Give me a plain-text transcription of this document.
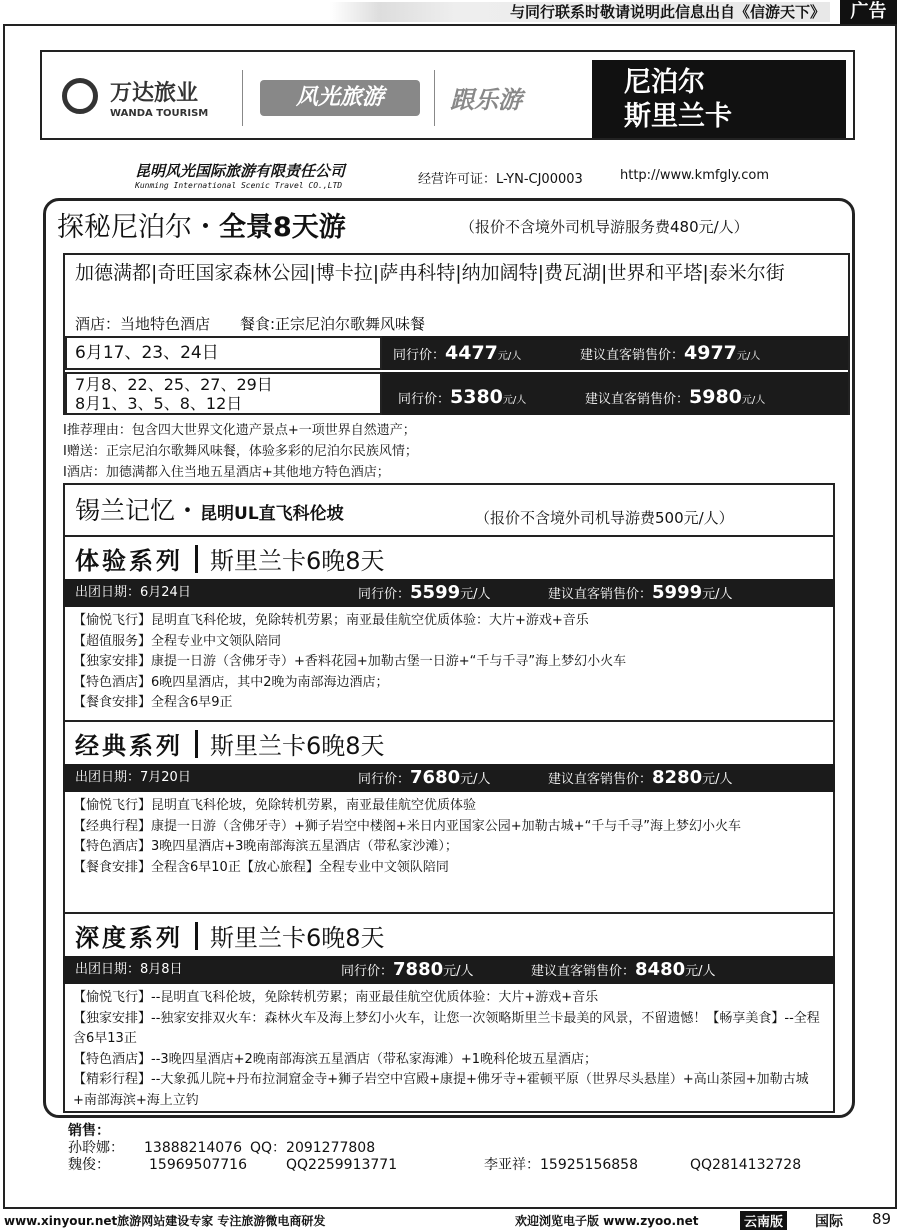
与同行联系时敬请说明此信息出自《信游天下》	广告
万达旅业
WANDA TOURISM
风光旅游	跟乐游
尼泊尔
斯里兰卡
昆明风光国际旅游有限责任公司
Kunming International Scenic Travel CO.,LTD	经营许可证：L-YN-CJ00003	http://www.kmfgly.com
探秘尼泊尔・全景8天游	（报价不含境外司机导游服务费480元/人）
加德满都|奇旺国家森林公园|博卡拉|萨冉科特|纳加阔特|费瓦湖|世界和平塔|泰米尔街
酒店：当地特色酒店　　餐食:正宗尼泊尔歌舞风味餐
6月17、23、24日	同行价：4477元/人	建议直客销售价：4977元/人
7月8、22、25、27、29日
8月1、3、5、8、12日	同行价：5380元/人	建议直客销售价：5980元/人
I推荐理由：包含四大世界文化遗产景点+一项世界自然遗产；
I赠送：正宗尼泊尔歌舞风味餐，体验多彩的尼泊尔民族风情；
I酒店：加德满都入住当地五星酒店+其他地方特色酒店；
锡兰记忆・昆明UL直飞科伦坡	（报价不含境外司机导游费500元/人）
体验系列 斯里兰卡6晚8天
出团日期：6月24日	同行价：5599元/人	建议直客销售价：5999元/人
【愉悦飞行】昆明直飞科伦坡，免除转机劳累；南亚最佳航空优质体验：大片+游戏+音乐
【超值服务】全程专业中文领队陪同
【独家安排】康提一日游（含佛牙寺）+香料花园+加勒古堡一日游+“千与千寻”海上梦幻小火车
【特色酒店】6晚四星酒店，其中2晚为南部海边酒店；
【餐食安排】全程含6早9正
经典系列 斯里兰卡6晚8天
出团日期：7月20日	同行价：7680元/人	建议直客销售价：8280元/人
【愉悦飞行】昆明直飞科伦坡，免除转机劳累，南亚最佳航空优质体验
【经典行程】康提一日游（含佛牙寺）+狮子岩空中楼阁+米日内亚国家公园+加勒古城+“千与千寻”海上梦幻小火车
【特色酒店】3晚四星酒店+3晚南部海滨五星酒店（带私家沙滩）；
【餐食安排】全程含6早10正【放心旅程】全程专业中文领队陪同
深度系列 斯里兰卡6晚8天
出团日期：8月8日	同行价：7880元/人	建议直客销售价：8480元/人
【愉悦飞行】--昆明直飞科伦坡，免除转机劳累；南亚最佳航空优质体验：大片+游戏+音乐
【独家安排】--独家安排双火车：森林火车及海上梦幻小火车，让您一次领略斯里兰卡最美的风景，不留遗憾！【畅享美食】--全程含6早13正
【特色酒店】--3晚四星酒店+2晚南部海滨五星酒店（带私家海滩）+1晚科伦坡五星酒店；
【精彩行程】--大象孤儿院+丹布拉洞窟金寺+狮子岩空中宫殿+康提+佛牙寺+霍顿平原（世界尽头悬崖）+高山茶园+加勒古城+南部海滨+海上立钓
销售：
孙聆娜： 13888214076 QQ：2091277808
魏俊：	15969507716	QQ2259913771	李亚祥：15925156858	QQ2814132728
www.xinyour.net旅游网站建设专家 专注旅游微电商研发	欢迎浏览电子版 www.zyoo.net	云南版 国际 89
